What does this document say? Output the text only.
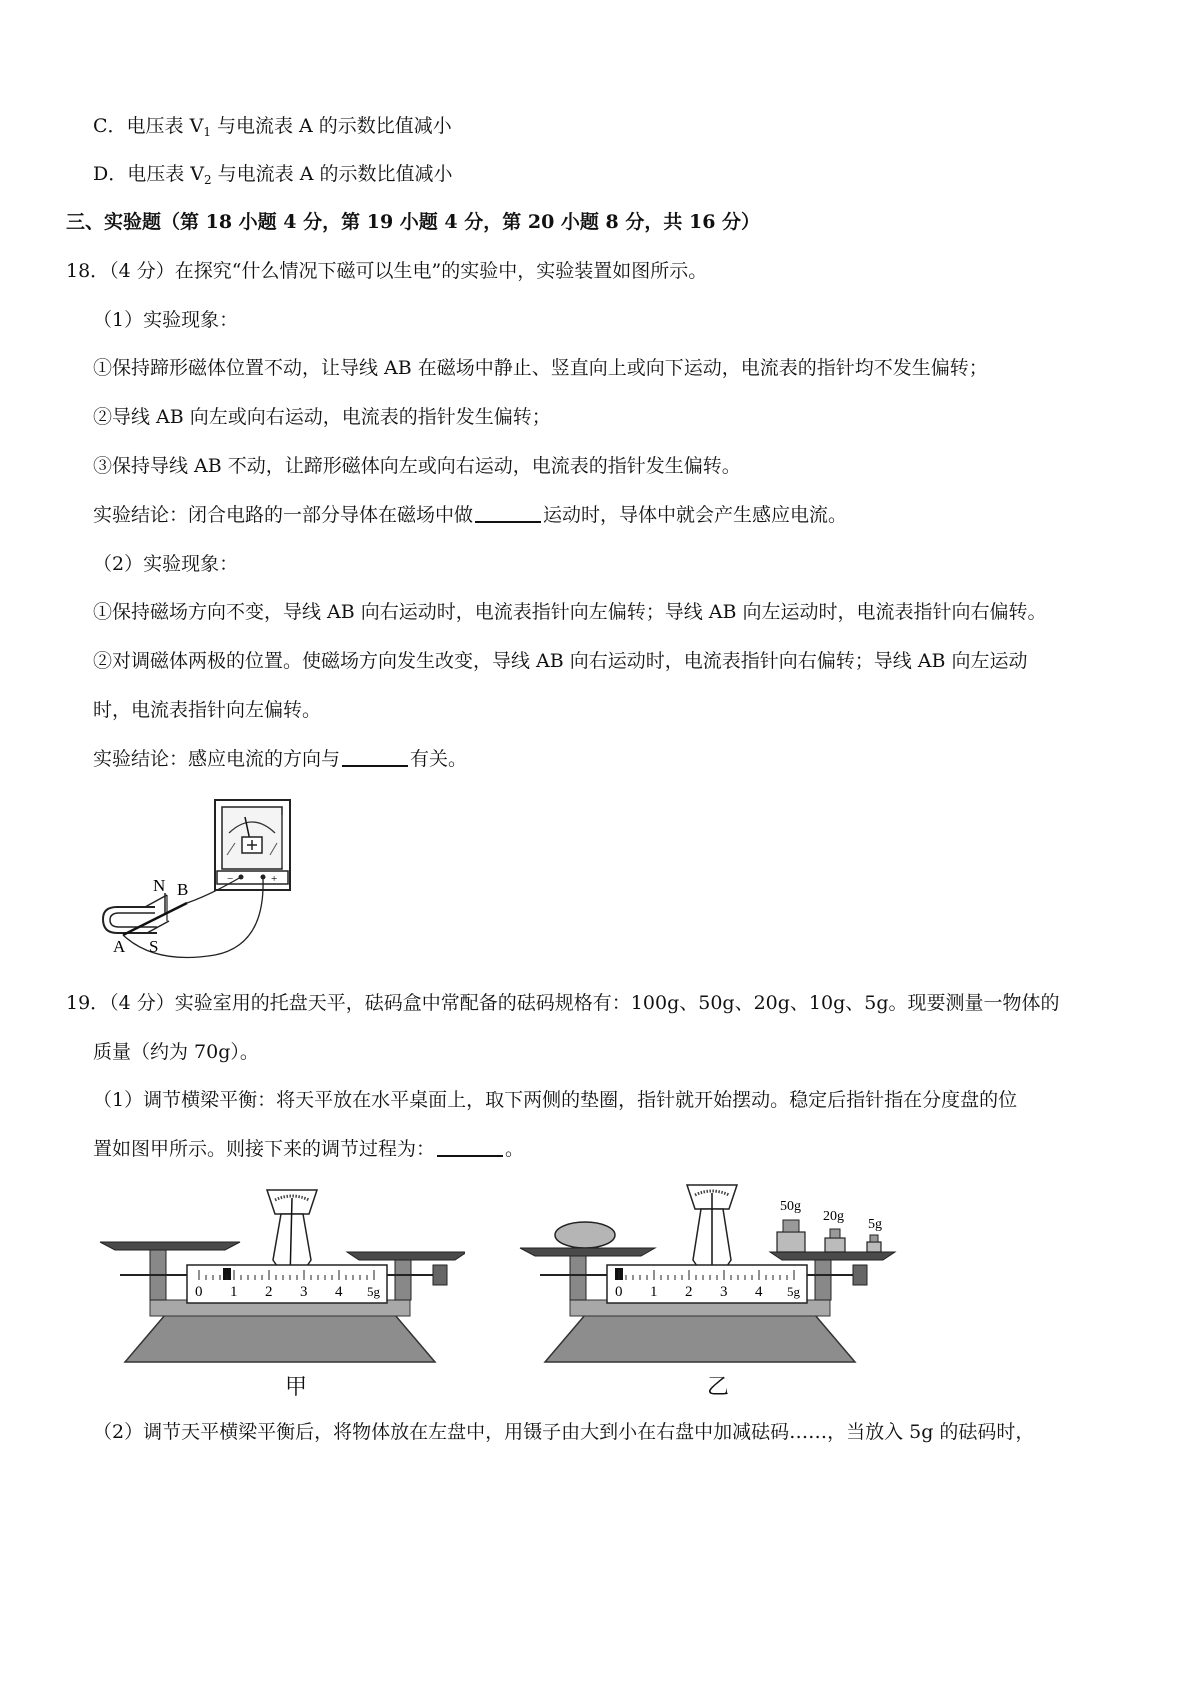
C．电压表 $V_1$ 与电流表 A 的示数比值减小
D．电压表 $V_2$ 与电流表 A 的示数比值减小
三、实验题（第 18 小题 4 分，第 19 小题 4 分，第 20 小题 8 分，共 16 分）
18．（4 分）在探究“什么情况下磁可以生电”的实验中，实验装置如图所示。
（1）实验现象：
①保持蹄形磁体位置不动，让导线 AB 在磁场中静止、竖直向上或向下运动，电流表的指针均不发生偏转；
②导线 AB 向左或向右运动，电流表的指针发生偏转；
③保持导线 AB 不动，让蹄形磁体向左或向右运动，电流表的指针发生偏转。
实验结论：闭合电路的一部分导体在磁场中做	运动时，导体中就会产生感应电流。
（2）实验现象：
①保持磁场方向不变，导线 AB 向右运动时，电流表指针向左偏转；导线 AB 向左运动时，电流表指针向右偏转。
②对调磁体两极的位置。使磁场方向发生改变，导线 AB 向右运动时，电流表指针向右偏转；导线 AB 向左运动
时，电流表指针向左偏转。
实验结论：感应电流的方向与	有关。
−	+
N B
A S
19．（4 分）实验室用的托盘天平，砝码盒中常配备的砝码规格有：100g、50g、20g、10g、5g。现要测量一物体的
质量（约为 70g）。
（1）调节横梁平衡：将天平放在水平桌面上，取下两侧的垫圈，指针就开始摆动。稳定后指针指在分度盘的位
置如图甲所示。则接下来的调节过程为：	。
0 1 2 3 4 5g
甲
50g
20g
5g
0 1 2 3 4 5g
乙
（2）调节天平横梁平衡后，将物体放在左盘中，用镊子由大到小在右盘中加减砝码……，当放入 5g 的砝码时，
